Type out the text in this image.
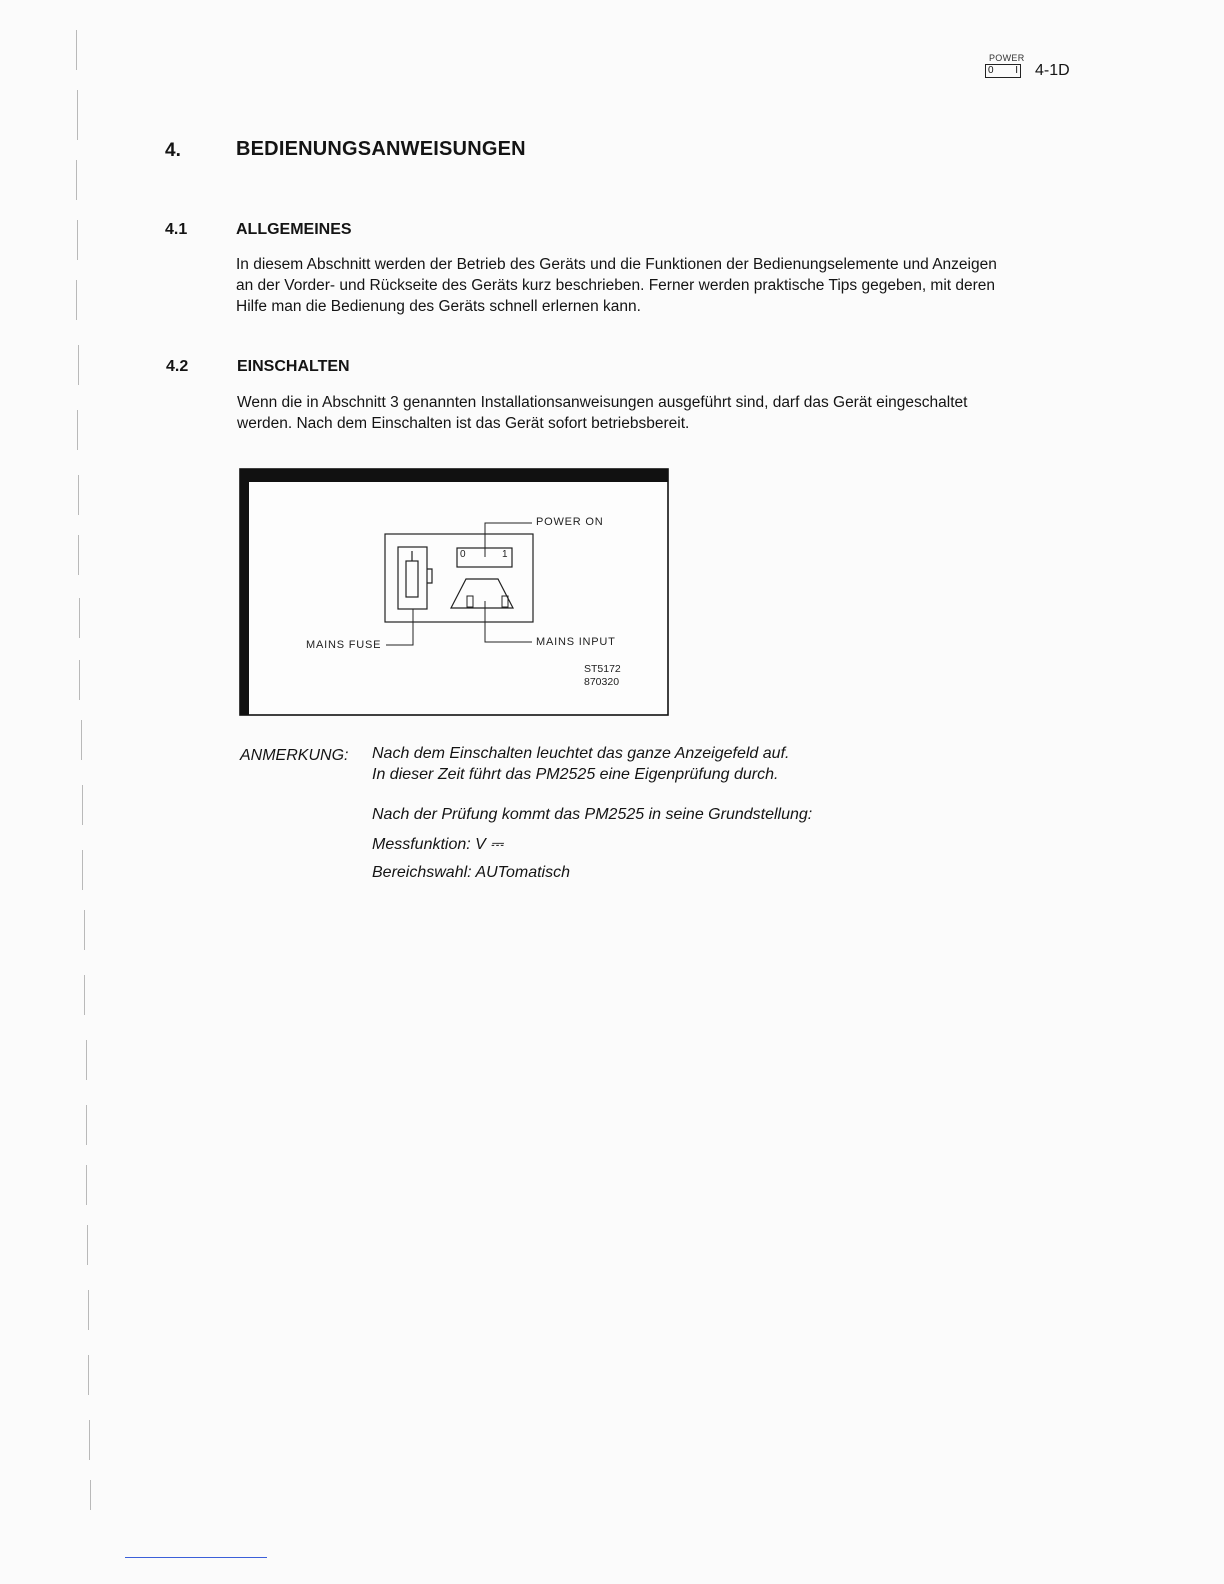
POWER
0 I 4-1D
4.	BEDIENUNGSANWEISUNGEN
4.1	ALLGEMEINES
In diesem Abschnitt werden der Betrieb des Geräts und die Funktionen der Bedienungselemente und Anzeigen
an der Vorder- und Rückseite des Geräts kurz beschrieben. Ferner werden praktische Tips gegeben, mit deren
Hilfe man die Bedienung des Geräts schnell erlernen kann.
4.2	EINSCHALTEN
Wenn die in Abschnitt 3 genannten Installationsanweisungen ausgeführt sind, darf das Gerät eingeschaltet
werden. Nach dem Einschalten ist das Gerät sofort betriebsbereit.
POWER ON
0	1
MAINS FUSE	MAINS INPUT
ST5172
870320
ANMERKUNG: Nach dem Einschalten leuchtet das ganze Anzeigefeld auf.
In dieser Zeit führt das PM2525 eine Eigenprüfung durch.
Nach der Prüfung kommt das PM2525 in seine Grundstellung:
Messfunktion: V ⎓
Bereichswahl: AUTomatisch
